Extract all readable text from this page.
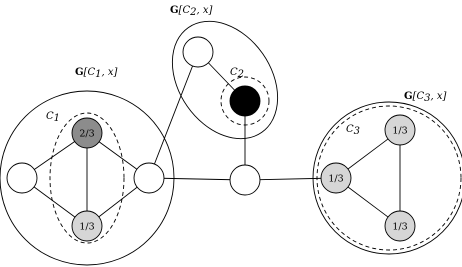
2/3
1/3
1/3
1/3
1/3
G[C1, x]
G[C2, x]
G[C3, x]
C1
C2
C3
